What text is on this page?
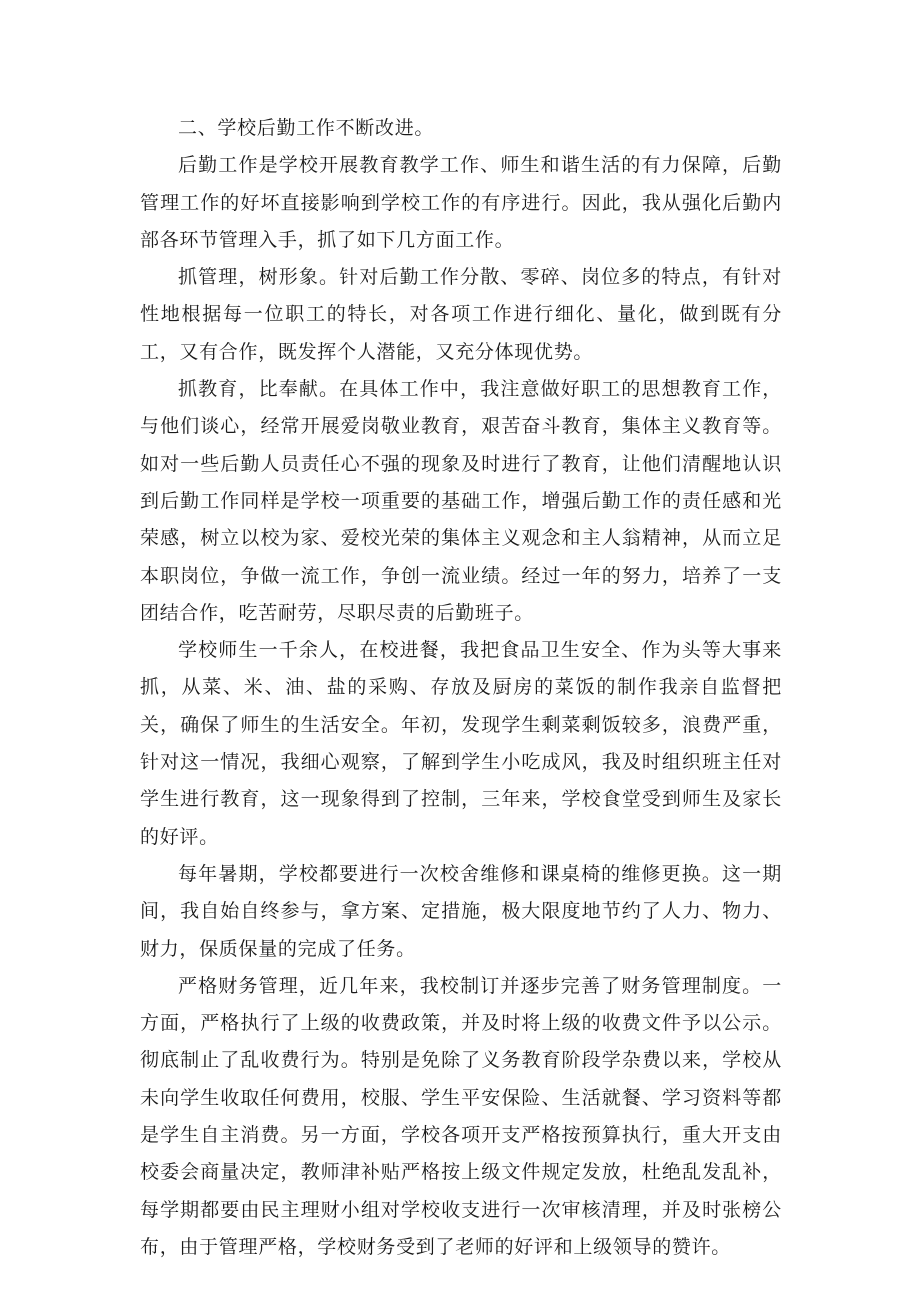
二、学校后勤工作不断改进。

后勤工作是学校开展教育教学工作、师生和谐生活的有力保障，后勤管理工作的好坏直接影响到学校工作的有序进行。因此，我从强化后勤内部各环节管理入手，抓了如下几方面工作。

抓管理，树形象。针对后勤工作分散、零碎、岗位多的特点，有针对性地根据每一位职工的特长，对各项工作进行细化、量化，做到既有分工，又有合作，既发挥个人潜能，又充分体现优势。

抓教育，比奉献。在具体工作中，我注意做好职工的思想教育工作，与他们谈心，经常开展爱岗敬业教育，艰苦奋斗教育，集体主义教育等。如对一些后勤人员责任心不强的现象及时进行了教育，让他们清醒地认识到后勤工作同样是学校一项重要的基础工作，增强后勤工作的责任感和光荣感，树立以校为家、爱校光荣的集体主义观念和主人翁精神，从而立足本职岗位，争做一流工作，争创一流业绩。经过一年的努力，培养了一支团结合作，吃苦耐劳，尽职尽责的后勤班子。

学校师生一千余人，在校进餐，我把食品卫生安全、作为头等大事来抓，从菜、米、油、盐的采购、存放及厨房的菜饭的制作我亲自监督把关，确保了师生的生活安全。年初，发现学生剩菜剩饭较多，浪费严重，针对这一情况，我细心观察，了解到学生小吃成风，我及时组织班主任对学生进行教育，这一现象得到了控制，三年来，学校食堂受到师生及家长的好评。

每年暑期，学校都要进行一次校舍维修和课桌椅的维修更换。这一期间，我自始自终参与，拿方案、定措施，极大限度地节约了人力、物力、财力，保质保量的完成了任务。

严格财务管理，近几年来，我校制订并逐步完善了财务管理制度。一方面，严格执行了上级的收费政策，并及时将上级的收费文件予以公示。彻底制止了乱收费行为。特别是免除了义务教育阶段学杂费以来，学校从未向学生收取任何费用，校服、学生平安保险、生活就餐、学习资料等都是学生自主消费。另一方面，学校各项开支严格按预算执行，重大开支由校委会商量决定，教师津补贴严格按上级文件规定发放，杜绝乱发乱补，每学期都要由民主理财小组对学校收支进行一次审核清理，并及时张榜公布，由于管理严格，学校财务受到了老师的好评和上级领导的赞许。
